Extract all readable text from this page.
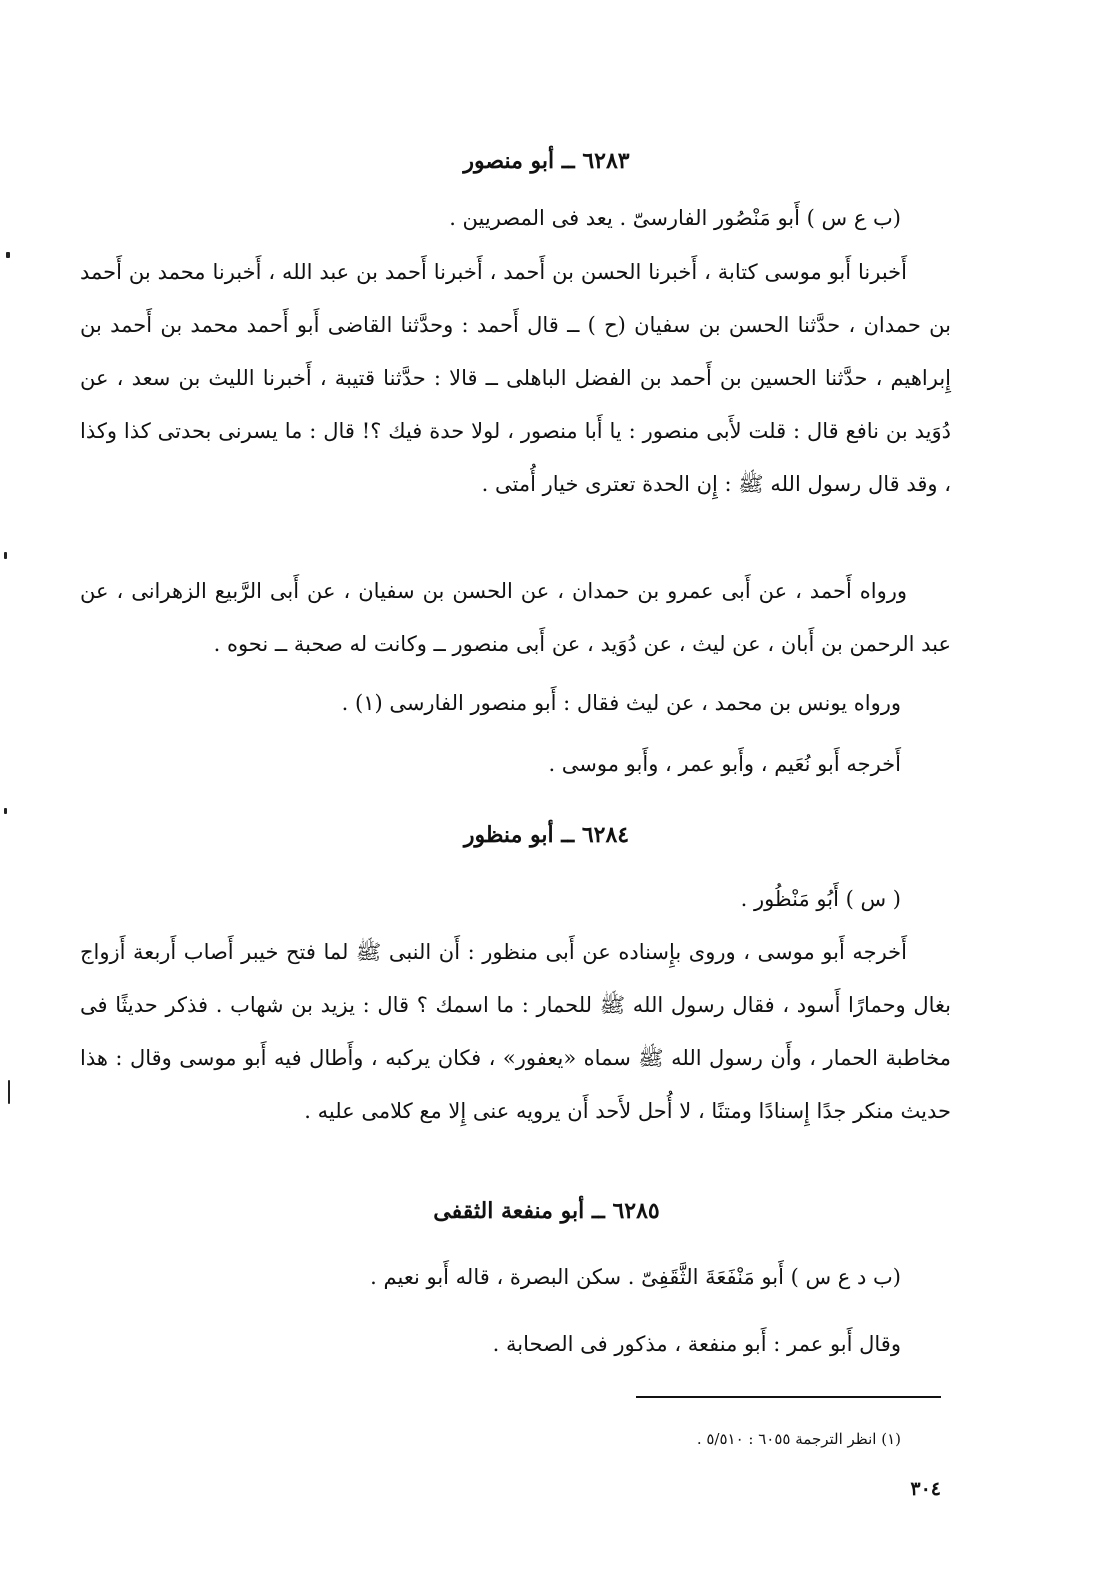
٦٢٨٣ ــ أبو منصور
(ب ع س ) أَبو مَنْصُور الفارسىّ . يعد فى المصريين .
أَخبرنا أَبو موسى كتابة ، أَخبرنا الحسن بن أَحمد ، أَخبرنا أَحمد بن عبد الله ، أَخبرنا محمد بن أَحمد بن حمدان ، حدَّثنا الحسن بن سفيان (ح ) ــ قال أَحمد : وحدَّثنا القاضى أَبو أَحمد محمد بن أَحمد بن إِبراهيم ، حدَّثنا الحسين بن أَحمد بن الفضل الباهلى ــ قالا : حدَّثنا قتيبة ، أَخبرنا الليث بن سعد ، عن دُوَيد بن نافع قال : قلت لأَبى منصور : يا أَبا منصور ، لولا حدة فيك ؟! قال : ما يسرنى بحدتى كذا وكذا ، وقد قال رسول الله ﷺ : إِن الحدة تعترى خيار أُمتى .
ورواه أَحمد ، عن أَبى عمرو بن حمدان ، عن الحسن بن سفيان ، عن أَبى الرَّبيع الزهرانى ، عن عبد الرحمن بن أَبان ، عن ليث ، عن دُوَيد ، عن أَبى منصور ــ وكانت له صحبة ــ نحوه .
ورواه يونس بن محمد ، عن ليث فقال : أَبو منصور الفارسى (١) .
أَخرجه أَبو نُعَيم ، وأَبو عمر ، وأَبو موسى .
٦٢٨٤ ــ أبو منظور
( س ) أَبُو مَنْظُور .
أَخرجه أَبو موسى ، وروى بإِسناده عن أَبى منظور : أَن النبى ﷺ لما فتح خيبر أَصاب أَربعة أَزواج بغال وحمارًا أَسود ، فقال رسول الله ﷺ للحمار : ما اسمك ؟ قال : يزيد بن شهاب . فذكر حديثًا فى مخاطبة الحمار ، وأَن رسول الله ﷺ سماه «يعفور» ، فكان يركبه ، وأَطال فيه أَبو موسى وقال : هذا حديث منكر جدًا إِسنادًا ومتنًا ، لا أُحل لأَحد أَن يرويه عنى إِلا مع كلامى عليه .
٦٢٨٥ ــ أبو منفعة الثقفى
(ب د ع س ) أَبو مَنْفَعَةَ الثَّقَفِىّ . سكن البصرة ، قاله أَبو نعيم .
وقال أَبو عمر : أَبو منفعة ، مذكور فى الصحابة .
(١) انظر الترجمة ٦٠٥٥ : ٥/٥١٠ .
٣٠٤
